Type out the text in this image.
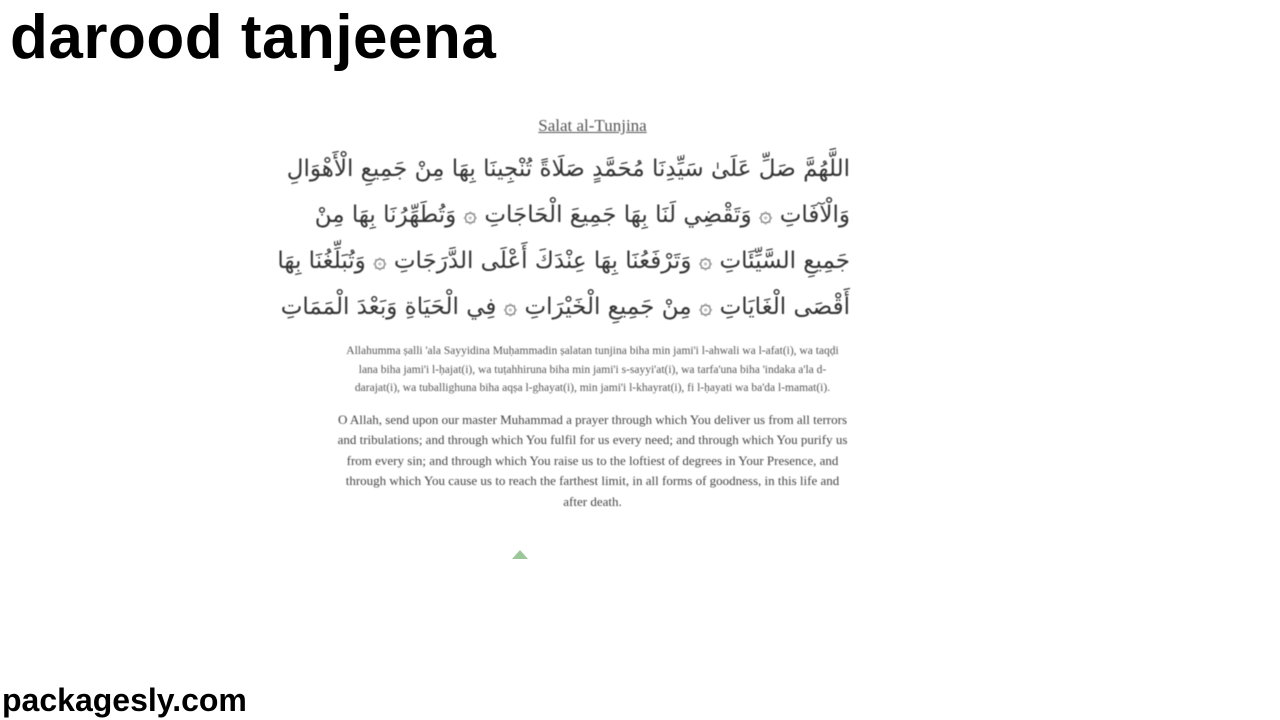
darood tanjeena
Salat al-Tunjina
اللَّهُمَّ صَلِّ عَلَىٰ سَيِّدِنَا مُحَمَّدٍ صَلَاةً تُنْجِينَا بِهَا مِنْ جَمِيعِ الْأَهْوَالِ
وَالْآفَاتِ ۞ وَتَقْضِي لَنَا بِهَا جَمِيعَ الْحَاجَاتِ ۞ وَتُطَهِّرُنَا بِهَا مِنْ
جَمِيعِ السَّيِّئَاتِ ۞ وَتَرْفَعُنَا بِهَا عِنْدَكَ أَعْلَى الدَّرَجَاتِ ۞ وَتُبَلِّغُنَا بِهَا
أَقْصَى الْغَايَاتِ ۞ مِنْ جَمِيعِ الْخَيْرَاتِ ۞ فِي الْحَيَاةِ وَبَعْدَ الْمَمَاتِ
Allahumma ṣalli 'ala Sayyidina Muḥammadin ṣalatan tunjina biha min jami'i l-ahwali wa l-afat(i), wa taqḍi lana biha jami'i l-ḥajat(i), wa tuṭahhiruna biha min jami'i s-sayyi'at(i), wa tarfa'una biha 'indaka a'la d-darajat(i), wa tuballighuna biha aqṣa l-ghayat(i), min jami'i l-khayrat(i), fi l-ḥayati wa ba'da l-mamat(i).
O Allah, send upon our master Muhammad a prayer through which You deliver us from all terrors and tribulations; and through which You fulfil for us every need; and through which You purify us from every sin; and through which You raise us to the loftiest of degrees in Your Presence, and through which You cause us to reach the farthest limit, in all forms of goodness, in this life and after death.
packagesly.com
